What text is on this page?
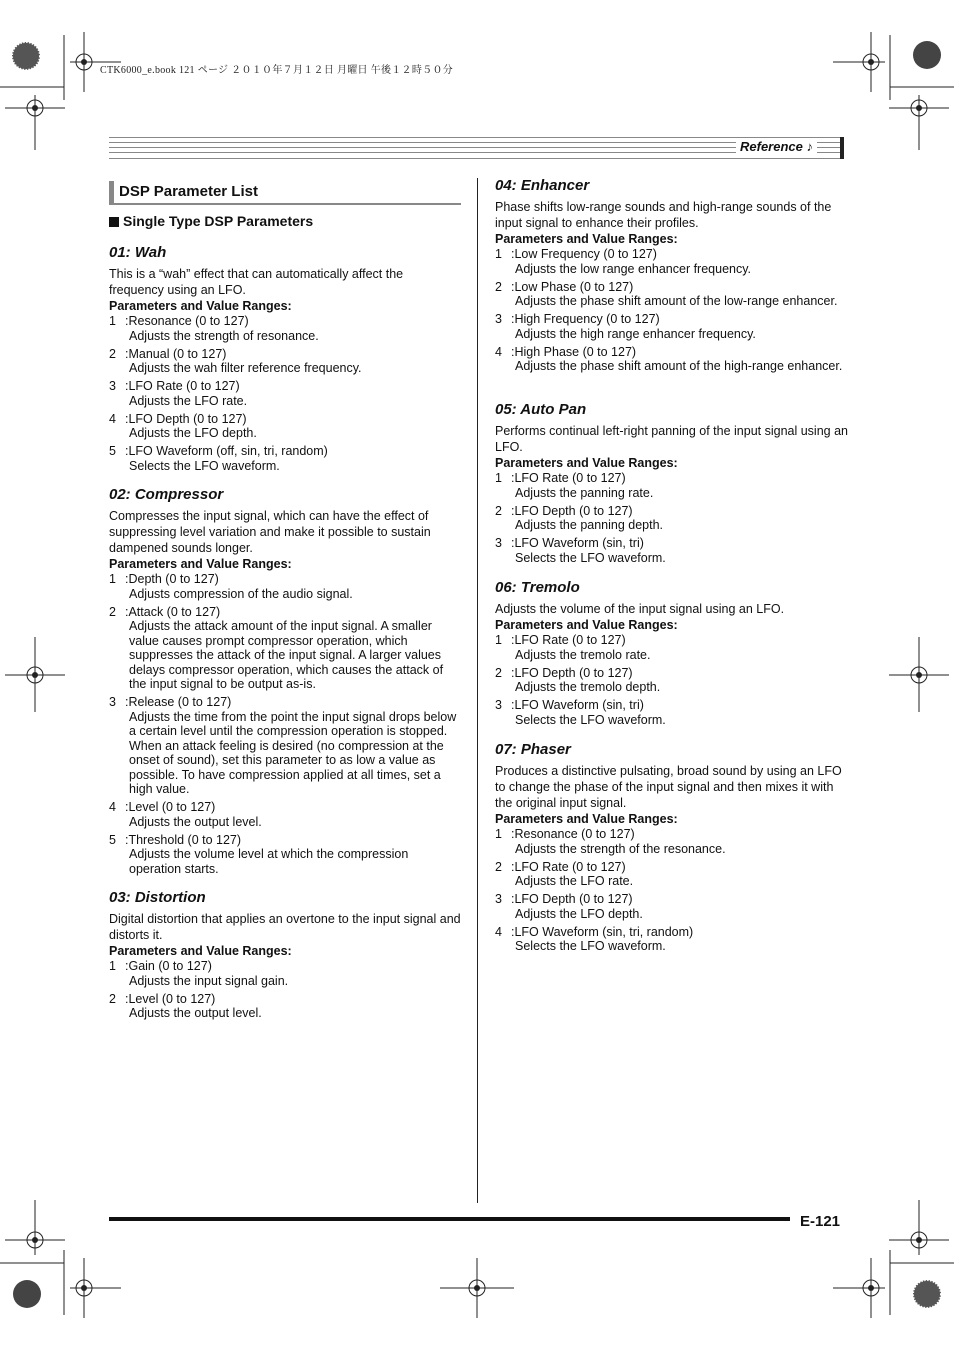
CTK6000_e.book 121 ページ ２０１０年７月１２日 月曜日 午後１２時５０分
Reference ♪
DSP Parameter List
Single Type DSP Parameters
01: Wah

This is a “wah” effect that can automatically affect the frequency using an LFO.

Parameters and Value Ranges:

1 :Resonance (0 to 127)
Adjusts the strength of resonance.
2 :Manual (0 to 127)
Adjusts the wah filter reference frequency.
3 :LFO Rate (0 to 127)
Adjusts the LFO rate.
4 :LFO Depth (0 to 127)
Adjusts the LFO depth.
5 :LFO Waveform (off, sin, tri, random)
Selects the LFO waveform.
02: Compressor

Compresses the input signal, which can have the effect of suppressing level variation and make it possible to sustain dampened sounds longer.

Parameters and Value Ranges:

1 :Depth (0 to 127)
Adjusts compression of the audio signal.
2 :Attack (0 to 127)
Adjusts the attack amount of the input signal. A smaller value causes prompt compressor operation, which suppresses the attack of the input signal. A larger values delays compressor operation, which causes the attack of the input signal to be output as-is.
3 :Release (0 to 127)
Adjusts the time from the point the input signal drops below a certain level until the compression operation is stopped. When an attack feeling is desired (no compression at the onset of sound), set this parameter to as low a value as possible. To have compression applied at all times, set a high value.
4 :Level (0 to 127)
Adjusts the output level.
5 :Threshold (0 to 127)
Adjusts the volume level at which the compression operation starts.
03: Distortion

Digital distortion that applies an overtone to the input signal and distorts it.

Parameters and Value Ranges:

1 :Gain (0 to 127)
Adjusts the input signal gain.
2 :Level (0 to 127)
Adjusts the output level.
04: Enhancer

Phase shifts low-range sounds and high-range sounds of the input signal to enhance their profiles.

Parameters and Value Ranges:

1 :Low Frequency (0 to 127)
Adjusts the low range enhancer frequency.
2 :Low Phase (0 to 127)
Adjusts the phase shift amount of the low-range enhancer.
3 :High Frequency (0 to 127)
Adjusts the high range enhancer frequency.
4 :High Phase (0 to 127)
Adjusts the phase shift amount of the high-range enhancer.
05: Auto Pan

Performs continual left-right panning of the input signal using an LFO.

Parameters and Value Ranges:

1 :LFO Rate (0 to 127)
Adjusts the panning rate.
2 :LFO Depth (0 to 127)
Adjusts the panning depth.
3 :LFO Waveform (sin, tri)
Selects the LFO waveform.
06: Tremolo

Adjusts the volume of the input signal using an LFO.

Parameters and Value Ranges:

1 :LFO Rate (0 to 127)
Adjusts the tremolo rate.
2 :LFO Depth (0 to 127)
Adjusts the tremolo depth.
3 :LFO Waveform (sin, tri)
Selects the LFO waveform.
07: Phaser

Produces a distinctive pulsating, broad sound by using an LFO to change the phase of the input signal and then mixes it with the original input signal.

Parameters and Value Ranges:

1 :Resonance (0 to 127)
Adjusts the strength of the resonance.
2 :LFO Rate (0 to 127)
Adjusts the LFO rate.
3 :LFO Depth (0 to 127)
Adjusts the LFO depth.
4 :LFO Waveform (sin, tri, random)
Selects the LFO waveform.
E-121
